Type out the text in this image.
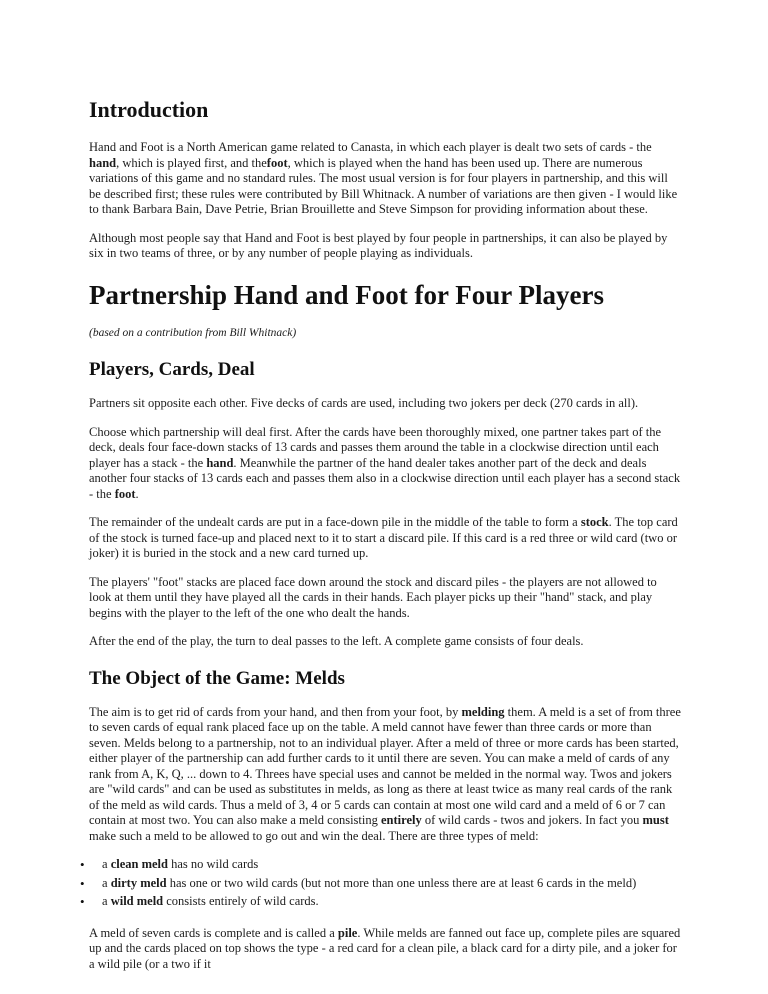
Introduction

Hand and Foot is a North American game related to Canasta, in which each player is dealt two sets of cards - the hand, which is played first, and thefoot, which is played when the hand has been used up. There are numerous variations of this game and no standard rules. The most usual version is for four players in partnership, and this will be described first; these rules were contributed by Bill Whitnack. A number of variations are then given - I would like to thank Barbara Bain, Dave Petrie, Brian Brouillette and Steve Simpson for providing information about these.

Although most people say that Hand and Foot is best played by four people in partnerships, it can also be played by six in two teams of three, or by any number of people playing as individuals.

Partnership Hand and Foot for Four Players

(based on a contribution from Bill Whitnack)

Players, Cards, Deal

Partners sit opposite each other. Five decks of cards are used, including two jokers per deck (270 cards in all).

Choose which partnership will deal first. After the cards have been thoroughly mixed, one partner takes part of the deck, deals four face-down stacks of 13 cards and passes them around the table in a clockwise direction until each player has a stack - the hand. Meanwhile the partner of the hand dealer takes another part of the deck and deals another four stacks of 13 cards each and passes them also in a clockwise direction until each player has a second stack - the foot.

The remainder of the undealt cards are put in a face-down pile in the middle of the table to form a stock. The top card of the stock is turned face-up and placed next to it to start a discard pile. If this card is a red three or wild card (two or joker) it is buried in the stock and a new card turned up.

The players' "foot" stacks are placed face down around the stock and discard piles - the players are not allowed to look at them until they have played all the cards in their hands. Each player picks up their "hand" stack, and play begins with the player to the left of the one who dealt the hands.

After the end of the play, the turn to deal passes to the left. A complete game consists of four deals.

The Object of the Game: Melds

The aim is to get rid of cards from your hand, and then from your foot, by melding them. A meld is a set of from three to seven cards of equal rank placed face up on the table. A meld cannot have fewer than three cards or more than seven. Melds belong to a partnership, not to an individual player. After a meld of three or more cards has been started, either player of the partnership can add further cards to it until there are seven. You can make a meld of cards of any rank from A, K, Q, ... down to 4. Threes have special uses and cannot be melded in the normal way. Twos and jokers are "wild cards" and can be used as substitutes in melds, as long as there at least twice as many real cards of the rank of the meld as wild cards. Thus a meld of 3, 4 or 5 cards can contain at most one wild card and a meld of 6 or 7 can contain at most two. You can also make a meld consisting entirely of wild cards - twos and jokers. In fact you must make such a meld to be allowed to go out and win the deal. There are three types of meld:

• a clean meld has no wild cards
• a dirty meld has one or two wild cards (but not more than one unless there are at least 6 cards in the meld)
• a wild meld consists entirely of wild cards.

A meld of seven cards is complete and is called a pile. While melds are fanned out face up, complete piles are squared up and the cards placed on top shows the type - a red card for a clean pile, a black card for a dirty pile, and a joker for a wild pile (or a two if it
